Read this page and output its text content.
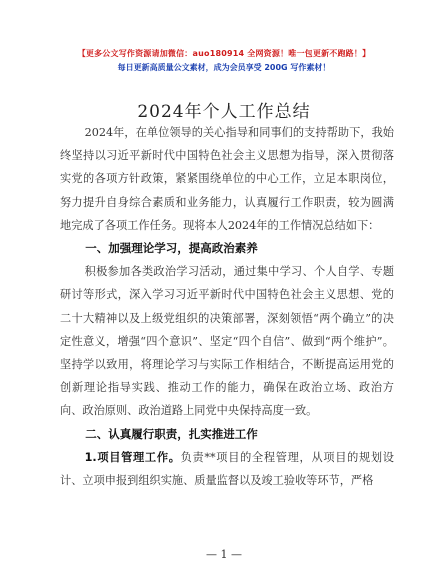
【更多公文写作资源请加微信：auo180914 全网资源！唯一包更新不跑路！】
每日更新高质量公文素材，成为会员享受 200G 写作素材！
2024年个人工作总结

2024年，在单位领导的关心指导和同事们的支持帮助下，我始终坚持以习近平新时代中国特色社会主义思想为指导，深入贯彻落实党的各项方针政策，紧紧围绕单位的中心工作，立足本职岗位，努力提升自身综合素质和业务能力，认真履行工作职责，较为圆满地完成了各项工作任务。现将本人2024年的工作情况总结如下：

一、加强理论学习，提高政治素养

积极参加各类政治学习活动，通过集中学习、个人自学、专题研讨等形式，深入学习习近平新时代中国特色社会主义思想、党的二十大精神以及上级党组织的决策部署，深刻领悟“两个确立”的决定性意义，增强“四个意识”、坚定“四个自信”、做到“两个维护”。坚持学以致用，将理论学习与实际工作相结合，不断提高运用党的创新理论指导实践、推动工作的能力，确保在政治立场、政治方向、政治原则、政治道路上同党中央保持高度一致。

二、认真履行职责，扎实推进工作

1.项目管理工作。负责**项目的全程管理，从项目的规划设计、立项申报到组织实施、质量监督以及竣工验收等环节，严格

— 1 —
